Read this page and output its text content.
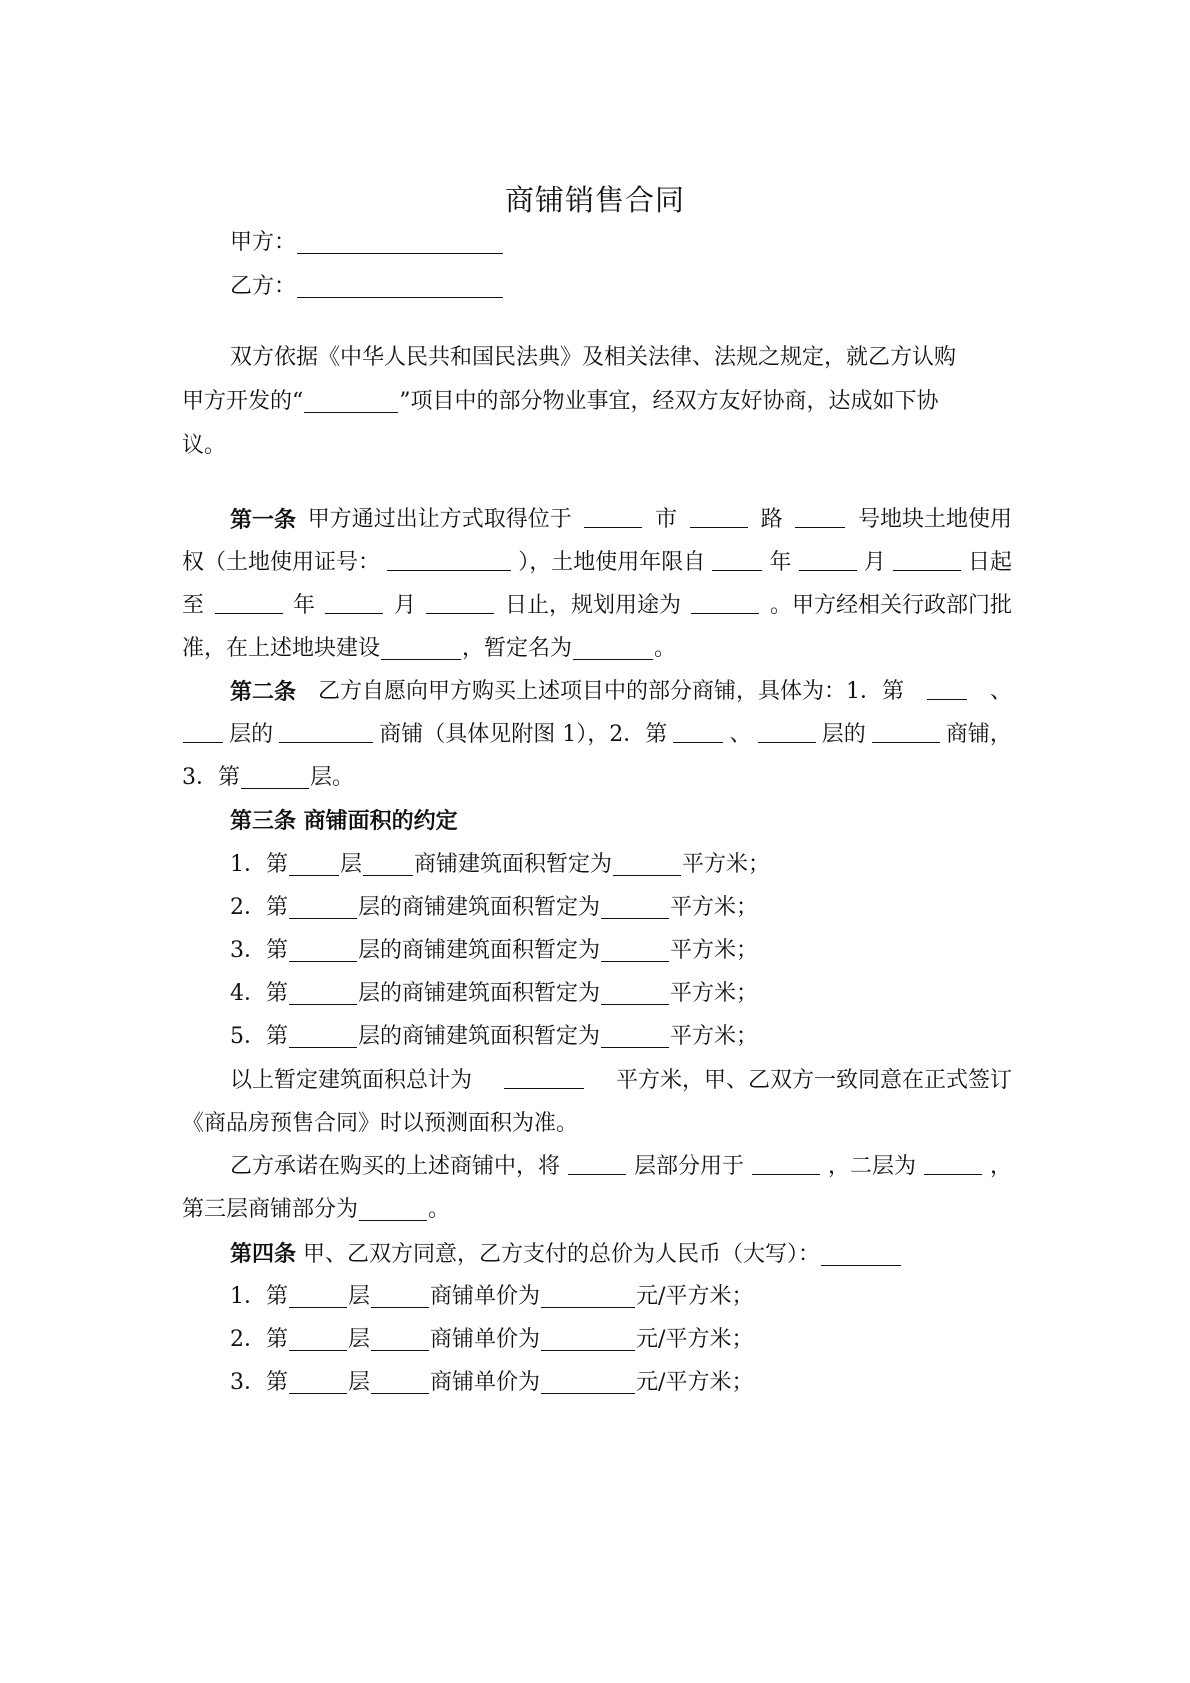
商铺销售合同
甲方：
乙方：
双方依据《中华人民共和国民法典》及相关法律、法规之规定，就乙方认购
甲方开发的“	”项目中的部分物业事宜，经双方友好协商，达成如下协
议。
第一条 甲方通过出让方式取得位于	市	路	号地块土地使用
权（土地使用证号：	），土地使用年限自	年	月	日起
至	年	月	日止，规划用途为	。甲方经相关行政部门批
准，在上述地块建设	，暂定名为	。
第二条 乙方自愿向甲方购买上述项目中的部分商铺，具体为：1．第	、
层的	商铺（具体见附图 1），2．第	、	层的	商铺，
3．第	层。
第三条 商铺面积的约定
1．第 层 商铺建筑面积暂定为	平方米；
2．第	层的商铺建筑面积暂定为	平方米；
3．第	层的商铺建筑面积暂定为	平方米；
4．第	层的商铺建筑面积暂定为	平方米；
5．第	层的商铺建筑面积暂定为	平方米；
以上暂定建筑面积总计为	平方米，甲、乙双方一致同意在正式签订
《商品房预售合同》时以预测面积为准。
乙方承诺在购买的上述商铺中，将	层部分用于	，二层为	，
第三层商铺部分为	。
第四条 甲、乙双方同意，乙方支付的总价为人民币（大写）：
1．第	层	商铺单价为	元/平方米；
2．第	层	商铺单价为	元/平方米；
3．第	层	商铺单价为	元/平方米；
